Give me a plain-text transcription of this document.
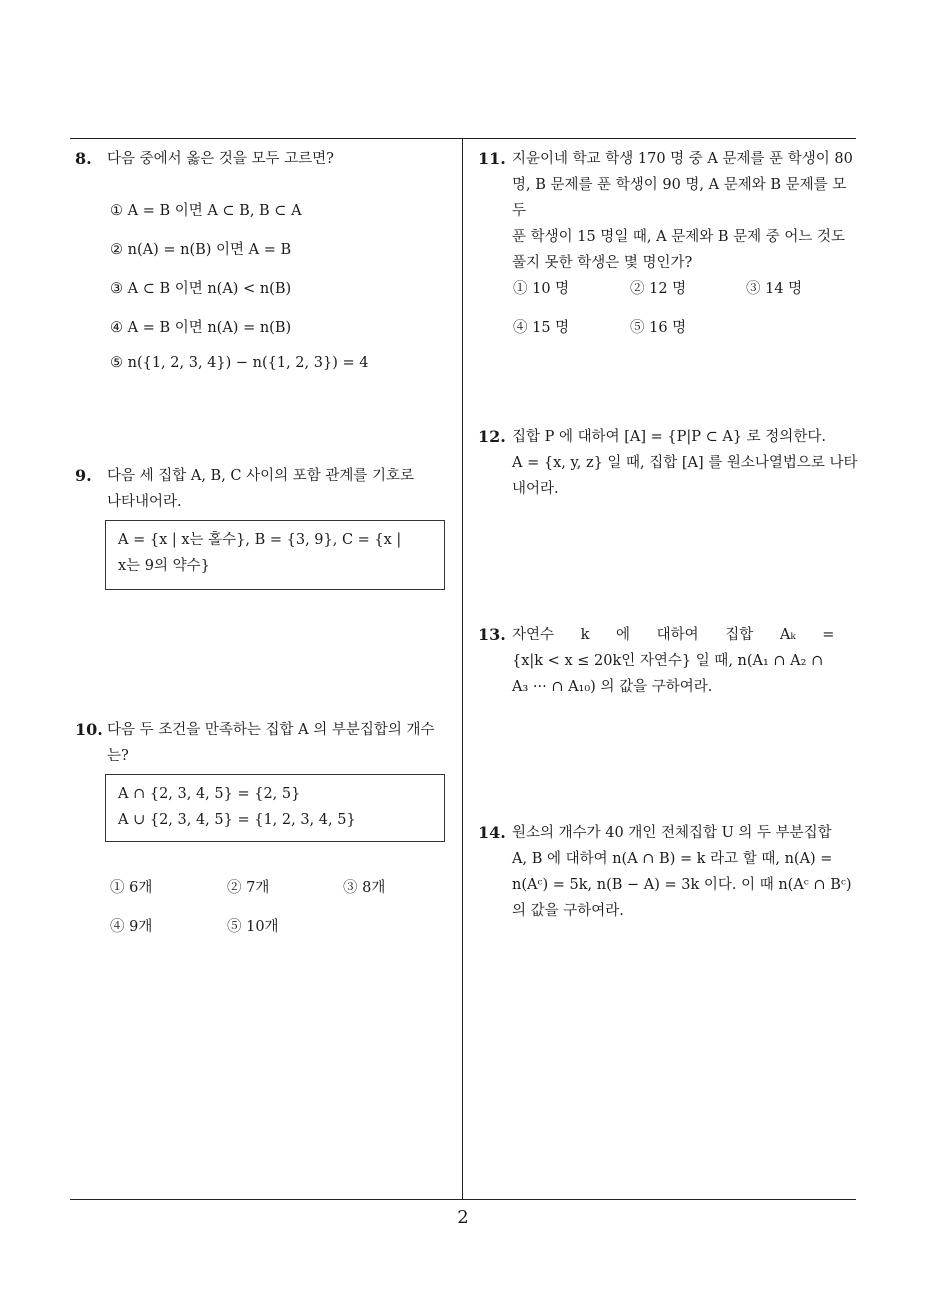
8. 다음 중에서 옳은 것을 모두 고르면?
① A = B 이면 A ⊂ B, B ⊂ A
② n(A) = n(B) 이면 A = B
③ A ⊂ B 이면 n(A) < n(B)
④ A = B 이면 n(A) = n(B)
⑤ n({1, 2, 3, 4}) − n({1, 2, 3}) = 4
9. 다음 세 집합 A, B, C 사이의 포함 관계를 기호로
나타내어라.
A = {x | x는 홀수}, B = {3, 9}, C = {x |
x는 9의 약수}
10. 다음 두 조건을 만족하는 집합 A 의 부분집합의 개수
는?
A ∩ {2, 3, 4, 5} = {2, 5}
A ∪ {2, 3, 4, 5} = {1, 2, 3, 4, 5}
① 6개	② 7개	③ 8개
④ 9개	⑤ 10개
11. 지윤이네 학교 학생 170 명 중 A 문제를 푼 학생이 80
명, B 문제를 푼 학생이 90 명, A 문제와 B 문제를 모두
푼 학생이 15 명일 때, A 문제와 B 문제 중 어느 것도
풀지 못한 학생은 몇 명인가?
① 10 명	② 12 명	③ 14 명
④ 15 명	⑤ 16 명
12. 집합 P 에 대하여 [A] = {P|P ⊂ A} 로 정의한다.
A = {x, y, z} 일 때, 집합 [A] 를 원소나열법으로 나타
내어라.
13. 자연수 k 에 대하여 집합 Aₖ =
{x|k < x ≤ 20k인 자연수} 일 때, n(A₁ ∩ A₂ ∩
A₃ ··· ∩ A₁₀) 의 값을 구하여라.
14. 원소의 개수가 40 개인 전체집합 U 의 두 부분집합
A, B 에 대하여 n(A ∩ B) = k 라고 할 때, n(A) =
n(Aᶜ) = 5k, n(B − A) = 3k 이다. 이 때 n(Aᶜ ∩ Bᶜ)
의 값을 구하여라.
2
